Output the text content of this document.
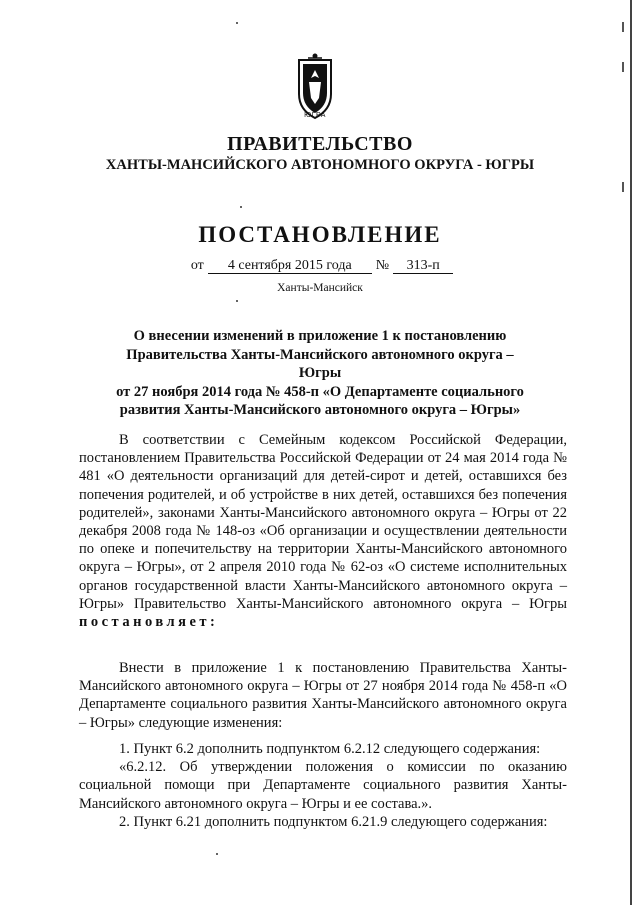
ЮГРА
ПРАВИТЕЛЬСТВО
ХАНТЫ-МАНСИЙСКОГО АВТОНОМНОГО ОКРУГА - ЮГРЫ
ПОСТАНОВЛЕНИЕ
от 4 сентября 2015 года № 313-п
Ханты-Мансийск
О внесении изменений в приложение 1 к постановлению
Правительства Ханты-Мансийского автономного округа – Югры
от 27 ноября 2014 года № 458-п «О Департаменте социального
развития Ханты-Мансийского автономного округа – Югры»
В соответствии с Семейным кодексом Российской Федерации, постановлением Правительства Российской Федерации от 24 мая 2014 года № 481 «О деятельности организаций для детей-сирот и детей, оставшихся без попечения родителей, и об устройстве в них детей, оставшихся без попечения родителей», законами Ханты-Мансийского автономного округа – Югры от 22 декабря 2008 года № 148-оз «Об организации и осуществлении деятельности по опеке и попечительству на территории Ханты-Мансийского автономного округа – Югры», от 2 апреля 2010 года № 62-оз «О системе исполнительных органов государственной власти Ханты-Мансийского автономного округа – Югры» Правительство Ханты-Мансийского автономного округа – Югры постановляет:
Внести в приложение 1 к постановлению Правительства Ханты-Мансийского автономного округа – Югры от 27 ноября 2014 года № 458-п «О Департаменте социального развития Ханты-Мансийского автономного округа – Югры» следующие изменения:
1. Пункт 6.2 дополнить подпунктом 6.2.12 следующего содержания:
«6.2.12. Об утверждении положения о комиссии по оказанию социальной помощи при Департаменте социального развития Ханты-Мансийского автономного округа – Югры и ее состава.».
2. Пункт 6.21 дополнить подпунктом 6.21.9 следующего содержания:
